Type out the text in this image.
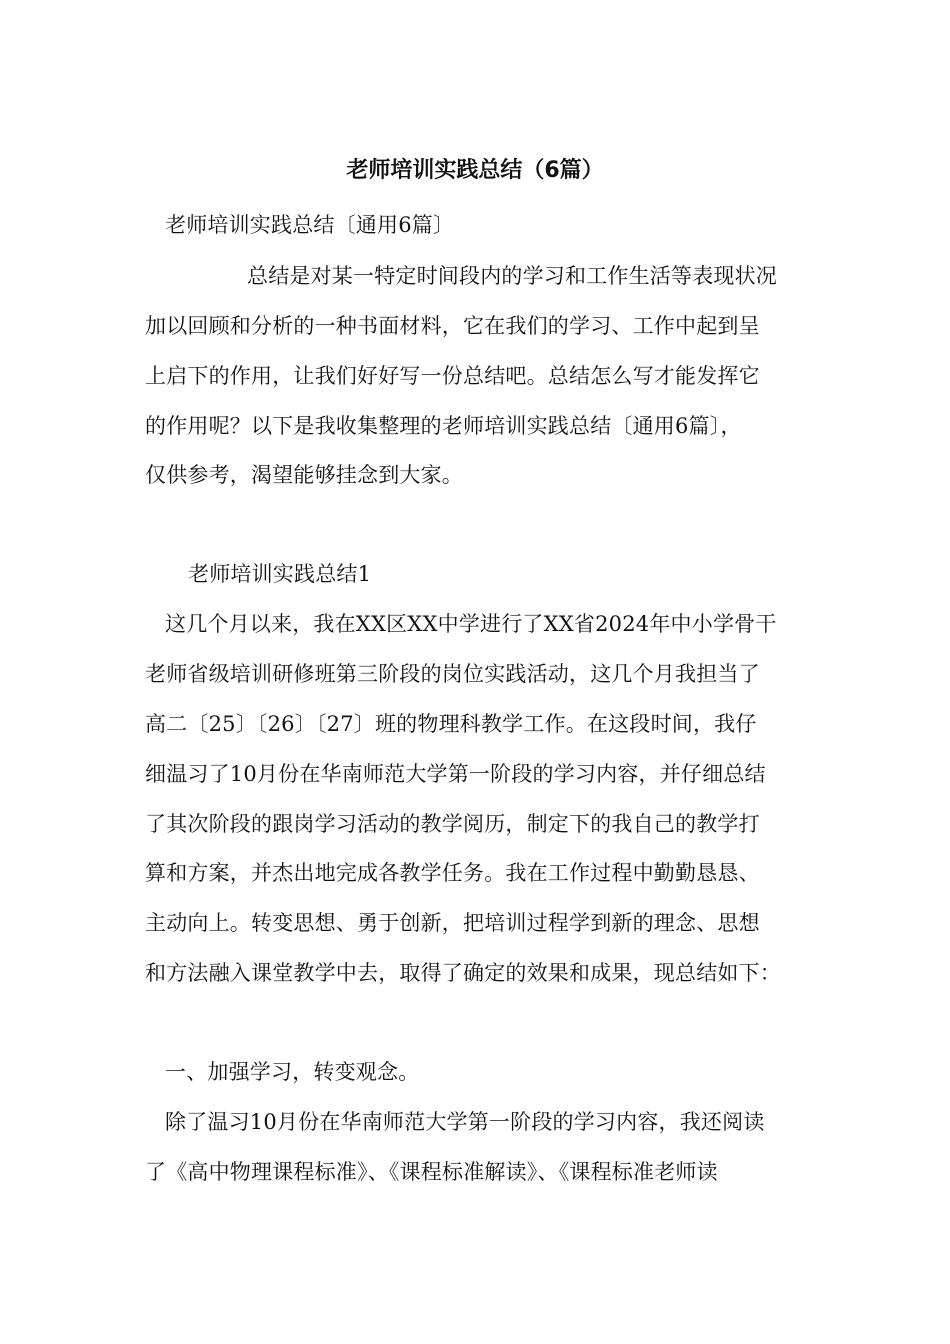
老师培训实践总结（6篇）
老师培训实践总结〔通用6篇〕
总结是对某一特定时间段内的学习和工作生活等表现状况
加以回顾和分析的一种书面材料，它在我们的学习、工作中起到呈
上启下的作用，让我们好好写一份总结吧。总结怎么写才能发挥它
的作用呢？以下是我收集整理的老师培训实践总结〔通用6篇〕，
仅供参考，渴望能够挂念到大家。
老师培训实践总结1
这几个月以来，我在XX区XX中学进行了XX省2024年中小学骨干
老师省级培训研修班第三阶段的岗位实践活动，这几个月我担当了
高二〔25〕〔26〕〔27〕班的物理科教学工作。在这段时间，我仔
细温习了10月份在华南师范大学第一阶段的学习内容，并仔细总结
了其次阶段的跟岗学习活动的教学阅历，制定下的我自己的教学打
算和方案，并杰出地完成各教学任务。我在工作过程中勤勤恳恳、
主动向上。转变思想、勇于创新，把培训过程学到新的理念、思想
和方法融入课堂教学中去，取得了确定的效果和成果，现总结如下：
一、加强学习，转变观念。
除了温习10月份在华南师范大学第一阶段的学习内容，我还阅读
了《高中物理课程标准》、《课程标准解读》、《课程标准老师读
